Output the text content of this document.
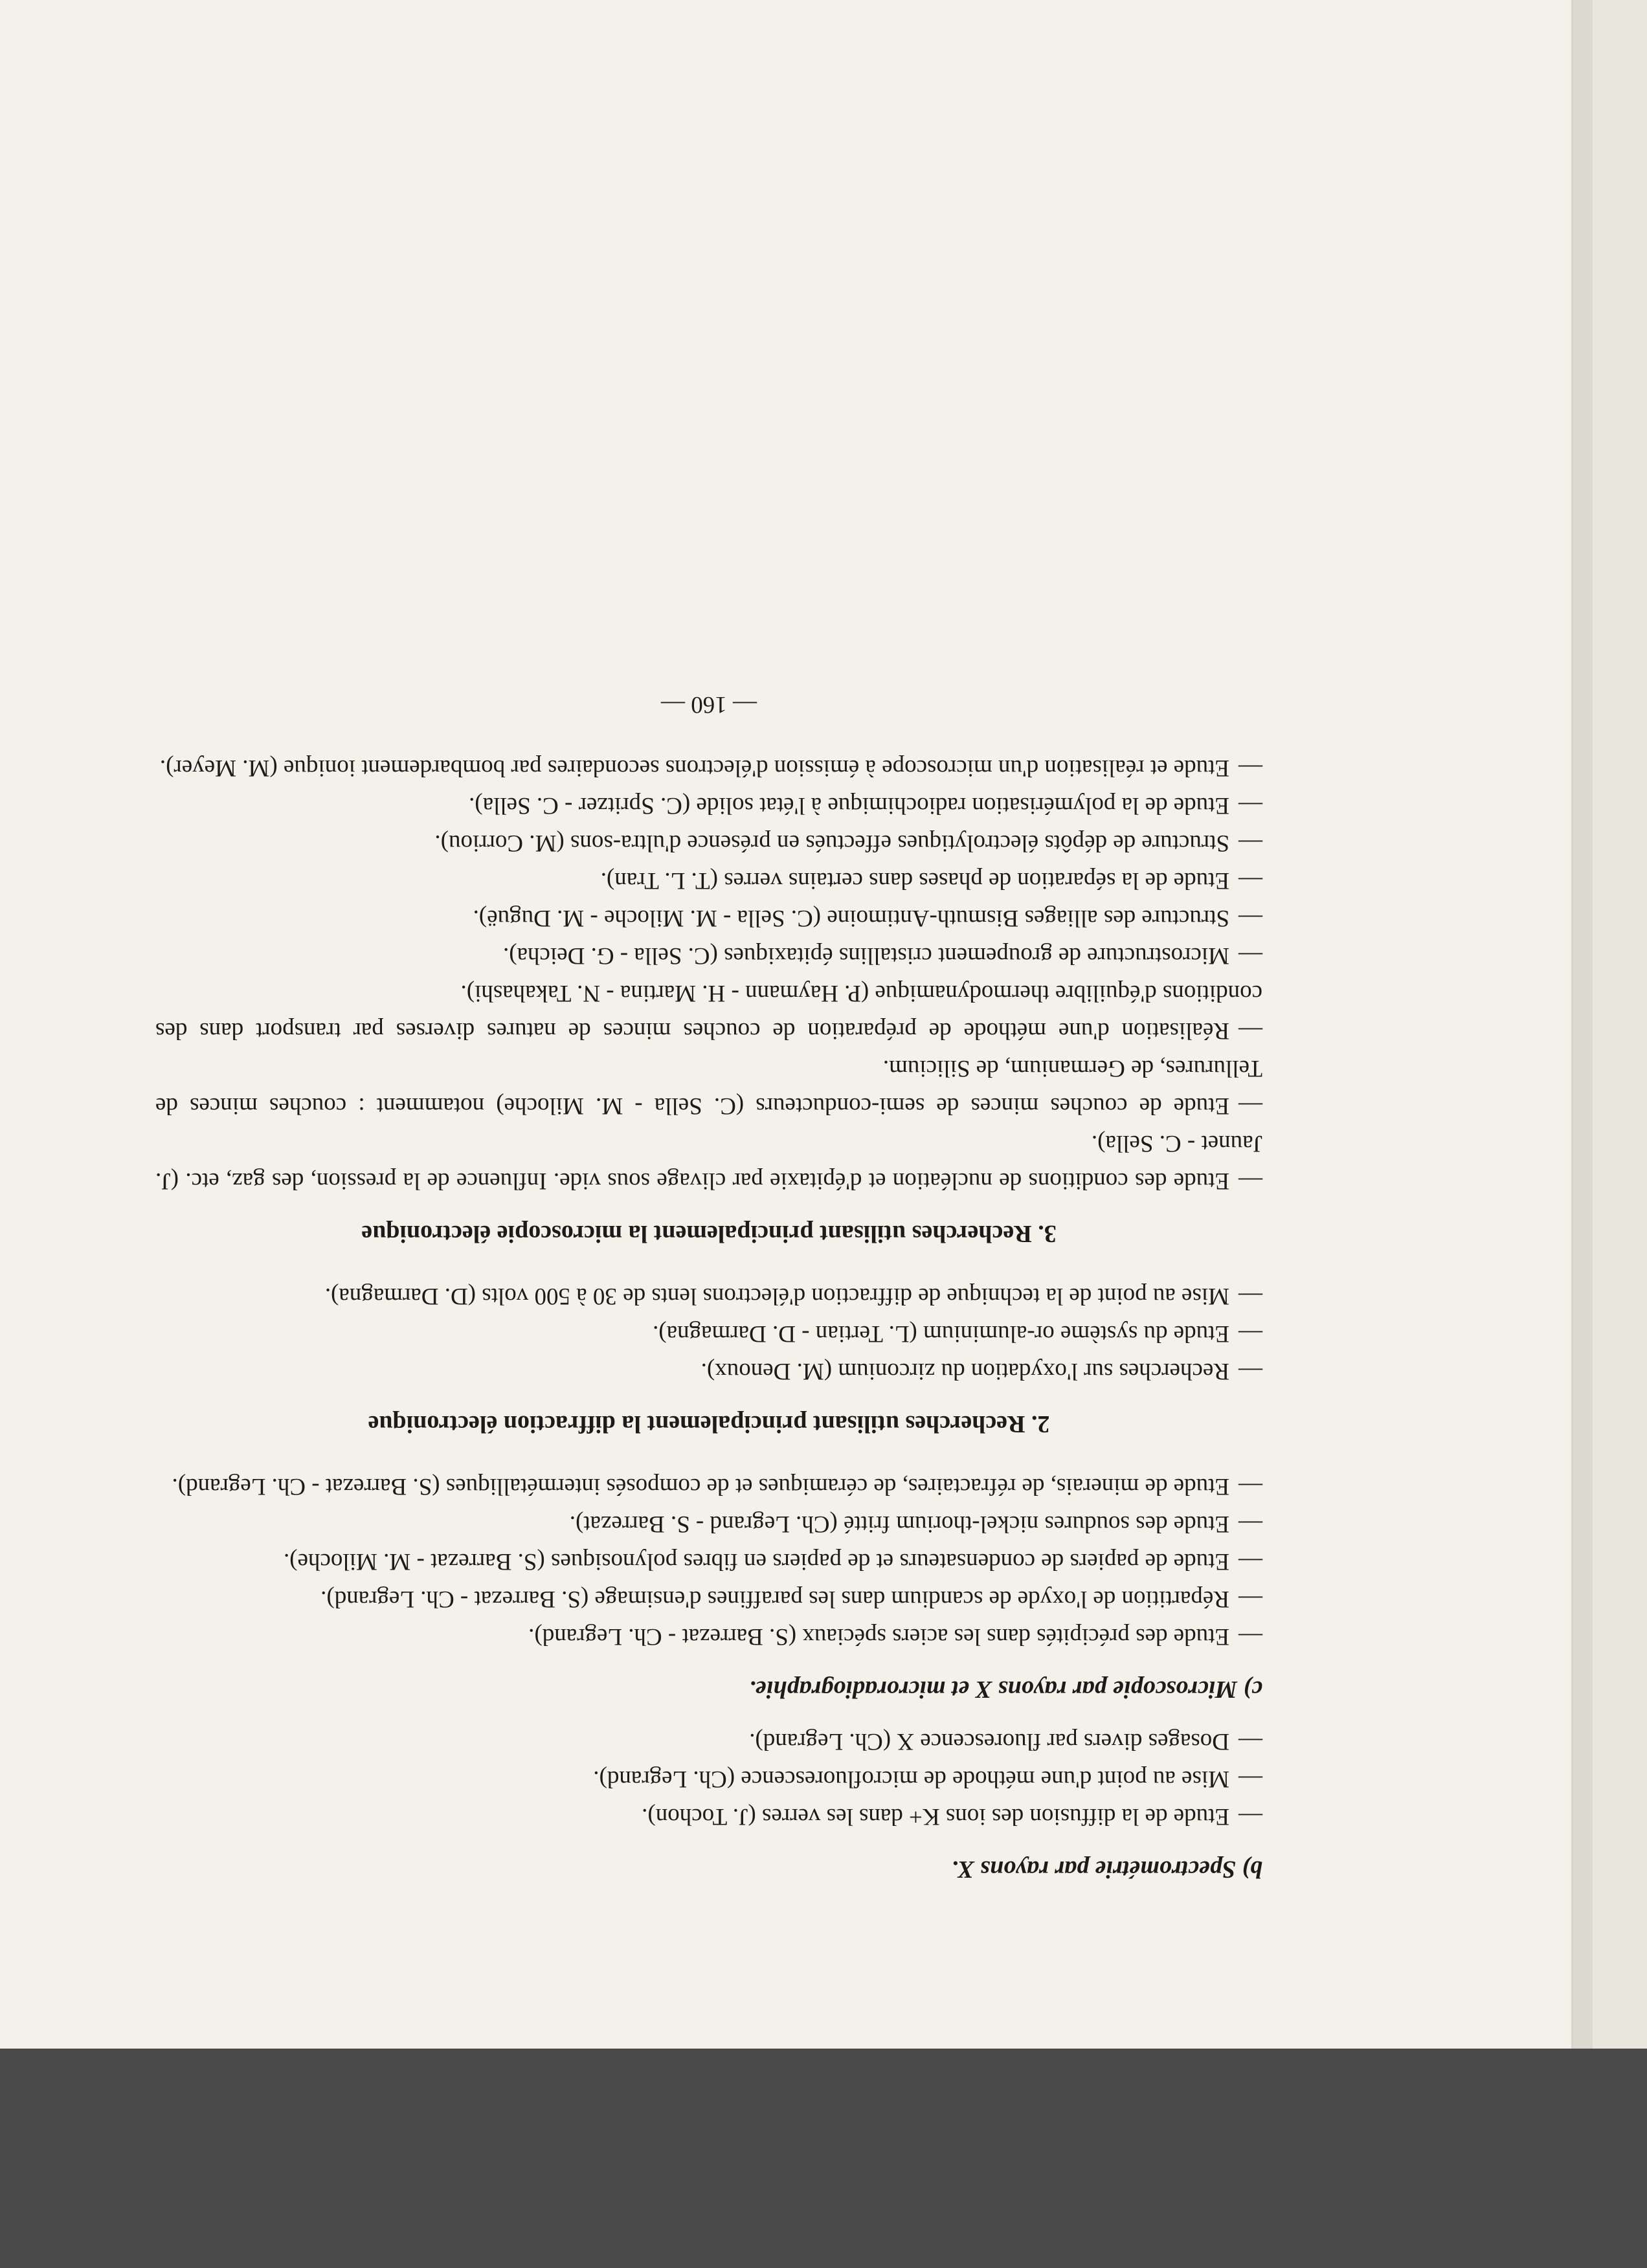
b) Spectrométrie par rayons X.

—Etude de la diffusion des ions K+ dans les verres (J. Tochon).
—Mise au point d'une méthode de microfluorescence (Ch. Legrand).
—Dosages divers par fluorescence X (Ch. Legrand).

c) Microscopie par rayons X et microradiographie.

—Etude des précipités dans les aciers spéciaux (S. Barrezat - Ch. Legrand).
—Répartition de l'oxyde de scandium dans les paraffines d'ensimage (S. Barrezat - Ch. Legrand).
—Etude de papiers de condensateurs et de papiers en fibres polynosiques (S. Barrezat - M. Miloche).
—Etude des soudures nickel-thorium fritté (Ch. Legrand - S. Barrezat).
—Etude de minerais, de réfractaires, de céramiques et de composés intermétalliques (S. Barrezat - Ch. Legrand).

2. Recherches utilisant principalement la diffraction électronique

—Recherches sur l'oxydation du zirconium (M. Denoux).
—Etude du système or-aluminium (L. Tertian - D. Darmagna).
—Mise au point de la technique de diffraction d'électrons lents de 30 à 500 volts (D. Darmagna).

3. Recherches utilisant principalement la microscopie électronique

—Etude des conditions de nucléation et d'épitaxie par clivage sous vide. Influence de la pression, des gaz, etc. (J. Jaunet - C. Sella).
—Etude de couches minces de semi-conducteurs (C. Sella - M. Miloche) notamment : couches minces de Tellurures, de Germanium, de Silicium.
—Réalisation d'une méthode de préparation de couches minces de natures diverses par transport dans des conditions d'équilibre thermodynamique (P. Haymann - H. Martina - N. Takahashi).
—Microstructure de groupement cristallins épitaxiques (C. Sella - G. Deicha).
—Structure des alliages Bismuth-Antimoine (C. Sella - M. Miloche - M. Duguë).
—Etude de la séparation de phases dans certains verres (T. L. Tran).
—Structure de dépôts électrolytiques effectués en présence d'ultra-sons (M. Corriou).
—Etude de la polymérisation radiochimique à l'état solide (C. Spritzer - C. Sella).
—Etude et réalisation d'un microscope à émission d'électrons secondaires par bombardement ionique (M. Meyer).

— 160 —
